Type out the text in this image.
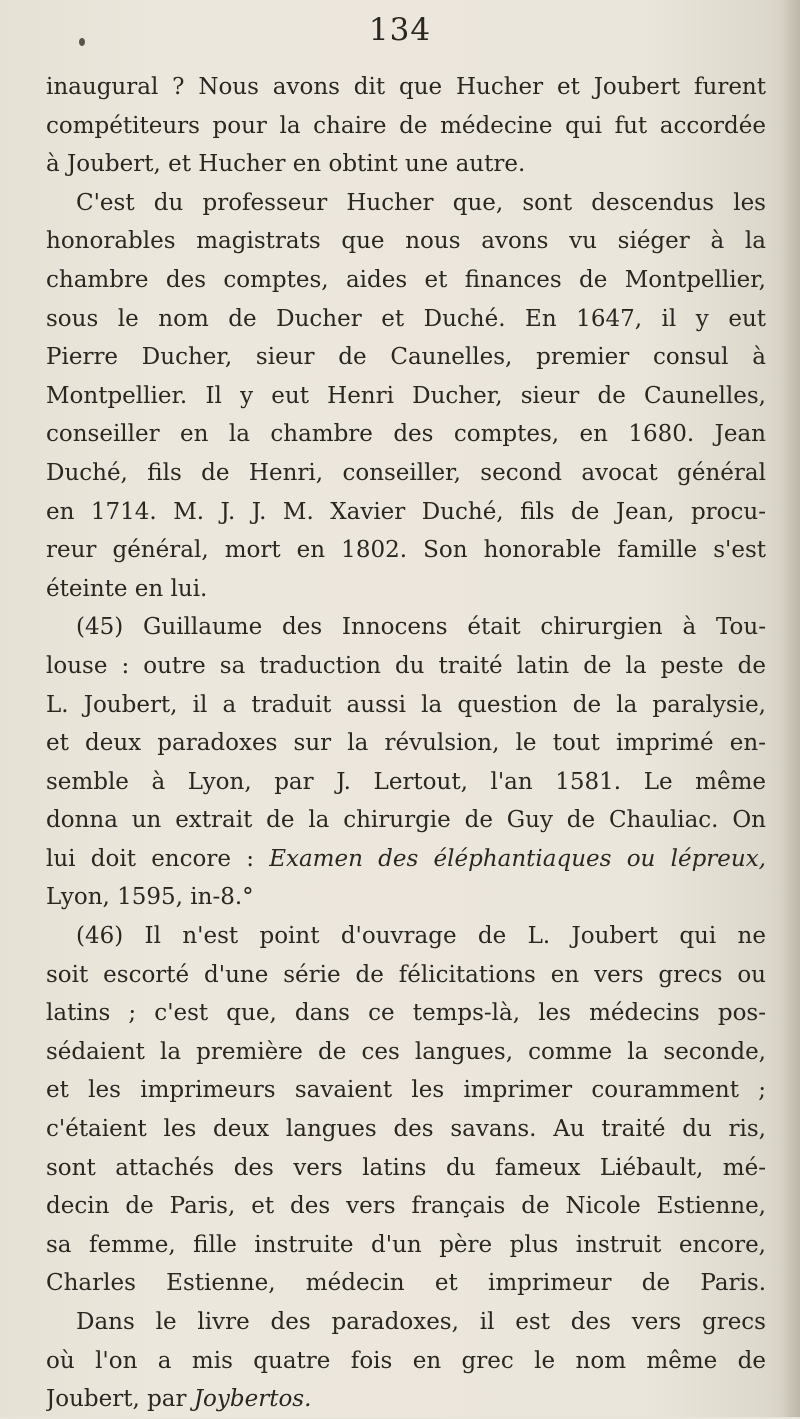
134
inaugural ? Nous avons dit que Hucher et Joubert furent
compétiteurs pour la chaire de médecine qui fut accordée
à Joubert, et Hucher en obtint une autre.
C'est du professeur Hucher que, sont descendus les
honorables magistrats que nous avons vu siéger à la
chambre des comptes, aides et finances de Montpellier,
sous le nom de Ducher et Duché. En 1647, il y eut
Pierre Ducher, sieur de Caunelles, premier consul à
Montpellier. Il y eut Henri Ducher, sieur de Caunelles,
conseiller en la chambre des comptes, en 1680. Jean
Duché, fils de Henri, conseiller, second avocat général
en 1714. M. J. J. M. Xavier Duché, fils de Jean, procu-
reur général, mort en 1802. Son honorable famille s'est
éteinte en lui.
(45) Guillaume des Innocens était chirurgien à Tou-
louse : outre sa traduction du traité latin de la peste de
L. Joubert, il a traduit aussi la question de la paralysie,
et deux paradoxes sur la révulsion, le tout imprimé en-
semble à Lyon, par J. Lertout, l'an 1581. Le même
donna un extrait de la chirurgie de Guy de Chauliac. On
lui doit encore : Examen des éléphantiaques ou lépreux,
Lyon, 1595, in-8.°
(46) Il n'est point d'ouvrage de L. Joubert qui ne
soit escorté d'une série de félicitations en vers grecs ou
latins ; c'est que, dans ce temps-là, les médecins pos-
sédaient la première de ces langues, comme la seconde,
et les imprimeurs savaient les imprimer couramment ;
c'étaient les deux langues des savans. Au traité du ris,
sont attachés des vers latins du fameux Liébault, mé-
decin de Paris, et des vers français de Nicole Estienne,
sa femme, fille instruite d'un père plus instruit encore,
Charles Estienne, médecin et imprimeur de Paris.
Dans le livre des paradoxes, il est des vers grecs
où l'on a mis quatre fois en grec le nom même de
Joubert, par Joybertos.
